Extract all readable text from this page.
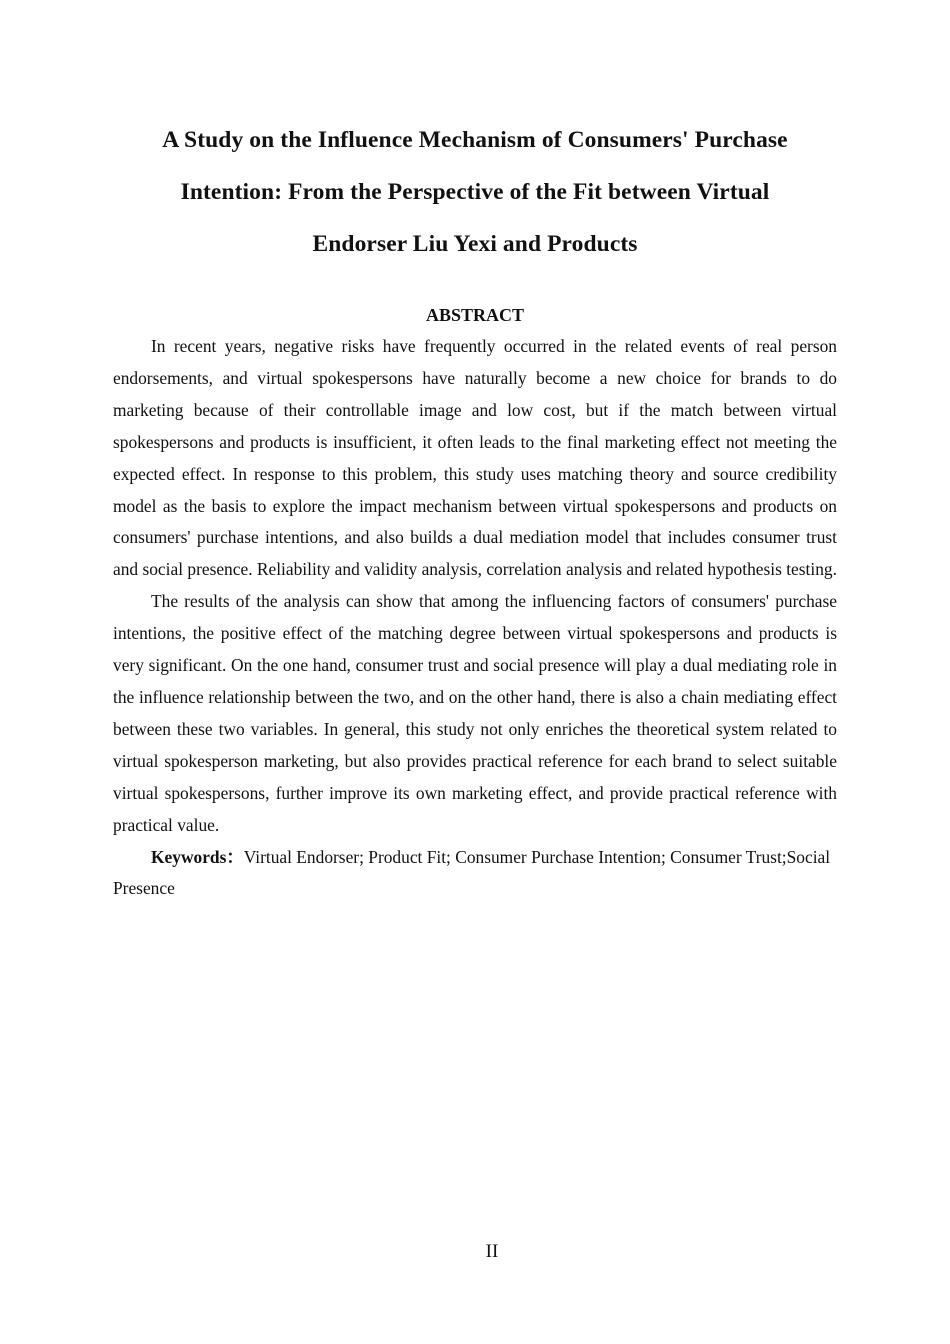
A Study on the Influence Mechanism of Consumers' Purchase
Intention: From the Perspective of the Fit between Virtual
Endorser Liu Yexi and Products
ABSTRACT

In recent years, negative risks have frequently occurred in the related events of real person endorsements, and virtual spokespersons have naturally become a new choice for brands to do marketing because of their controllable image and low cost, but if the match between virtual spokespersons and products is insufficient, it often leads to the final marketing effect not meeting the expected effect. In response to this problem, this study uses matching theory and source credibility model as the basis to explore the impact mechanism between virtual spokespersons and products on consumers' purchase intentions, and also builds a dual mediation model that includes consumer trust and social presence. Reliability and validity analysis, correlation analysis and related hypothesis testing.

The results of the analysis can show that among the influencing factors of consumers' purchase intentions, the positive effect of the matching degree between virtual spokespersons and products is very significant. On the one hand, consumer trust and social presence will play a dual mediating role in the influence relationship between the two, and on the other hand, there is also a chain mediating effect between these two variables. In general, this study not only enriches the theoretical system related to virtual spokesperson marketing, but also provides practical reference for each brand to select suitable virtual spokespersons, further improve its own marketing effect, and provide practical reference with practical value.

Keywords：Virtual Endorser; Product Fit; Consumer Purchase Intention; Consumer Trust;Social Presence

II
